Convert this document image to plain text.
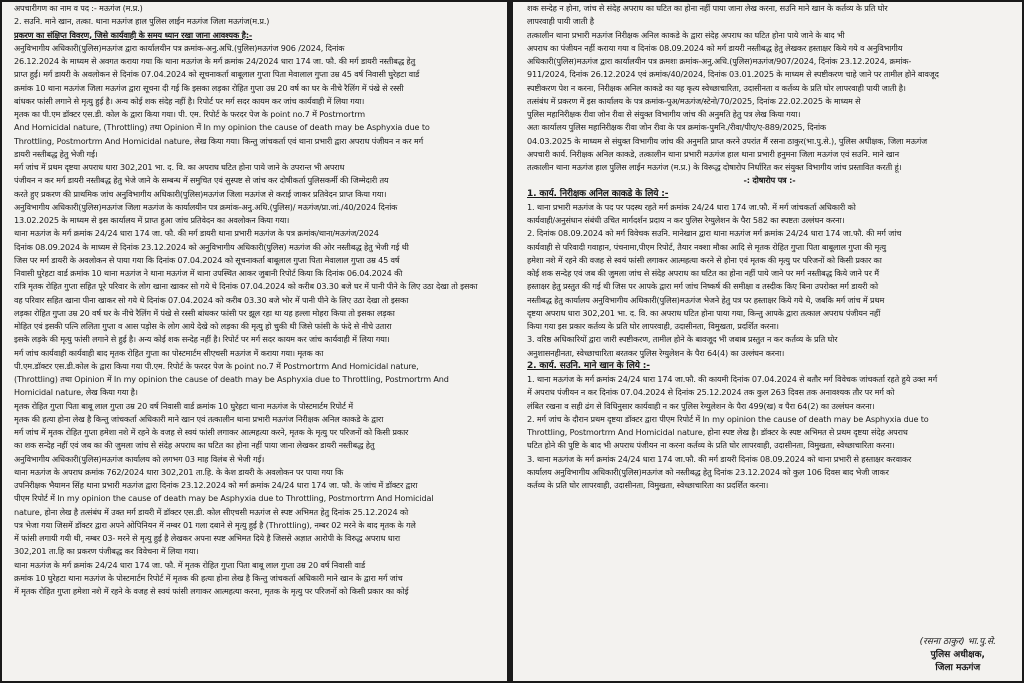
अपचारीगण का नाम व पद :- मऊगंज (म.प्र.)
2. सउनि. माने खान, तत्का. थाना मऊगंज हाल पुलिस लाईन मऊगंज जिला मऊगंज(म.प्र.)
प्रकरण का संक्षिप्त विवरण, जिसे कार्यवाही के समय ध्यान रखा जाना आवश्यक है:-
अनुविभागीय अधिकारी(पुलिस)मऊगंज द्वारा कार्यालयीन पत्र क्रमांक-अनु.अधि.(पुलिस)मऊगंज 906 /2024, दिनांक
26.12.2024 के माध्यम से अवगत कराया गया कि थाना मऊगंज के मर्ग क्रमांक 24/2024 धारा 174 जा. फौ. की मर्ग डायरी नस्तीबद्ध हेतु
प्राप्त हुई। मर्ग डायरी के अवलोकन से दिनांक 07.04.2024 को सूचनाकर्ता बाबूलाल गुप्ता पिता मेवालाल गुप्ता उम्र 45 वर्ष निवासी घुरेहटा वार्ड
क्रमांक 10 थाना मऊगंज जिला मऊगंज द्वारा सूचना दी गई कि इसका लड़का रोहित गुप्ता उम्र 20 वर्ष का घर के नीचे रैलिंग में पंखे से रस्सी
बांधकर फांसी लगाने से मृत्यु हुई है। अन्य कोई शक संदेह नहीं है। रिपोर्ट पर मर्ग सदर कायम कर जांच कार्यवाही में लिया गया।
मृतक का पी.एम डॉक्टर एस.डी. कोल के द्वारा किया गया। पी. एम. रिपोर्ट के फरदर पेज के point no.7 में Postmortrm
And Homicidal nature, (Throttling) तथा Opinion में In my opinion the cause of death may be Asphyxia due to
Throttling, Postmortrm And Homicidal nature, लेख किया गया। किन्तु जांचकर्ता एवं थाना प्रभारी द्वारा अपराध पंजीयन न कर मर्ग
डायरी नस्तीबद्ध हेतु भेजी गई।
मर्ग जांच में प्रथम दृष्टया अपराध धारा 302,201 भा. द. वि. का अपराध घटित होना पाये जाने के उपरान्त भी अपराध
पंजीयन न कर मर्ग डायरी नस्तीबद्ध हेतु भेजे जाने के सम्बन्ध में समुचित एवं सुस्पष्ट से जांच कर दोषीकर्ता पुलिसकर्मी की जिम्मेदारी तय
करते हुए प्रकरण की प्राथमिक जांच अनुविभागीय अधिकारी(पुलिस)मऊगंज जिला मऊगंज से कराई जाकर प्रतिवेदन प्राप्त किया गया।
अनुविभागीय अधिकारी(पुलिस)मऊगंज जिला मऊगंज के कार्यालयीन पत्र क्रमांक-अनु.अधि.(पुलिस)/ मऊगंज/प्रा.जां./40/2024 दिनांक
13.02.2025 के माध्यम से इस कार्यालय में प्राप्त हुआ जांच प्रतिवेदन का अवलोकन किया गया।
थाना मऊगंज के मर्ग क्रमांक 24/24 धारा 174 जा. फौ. की मर्ग डायरी थाना प्रभारी मऊगंज के पत्र क्रमांक/थाना/मऊगंज/2024
दिनांक 08.09.2024 के माध्यम से दिनांक 23.12.2024 को अनुविभागीय अधिकारी(पुलिस) मऊगंज की ओर नस्तीबद्ध हेतु भेजी गई थी
जिस पर मर्ग डायरी के अवलोकन से पाया गया कि दिनांक 07.04.2024 को सूचनाकर्ता बाबूलाल गुप्ता पिता मेवालाल गुप्ता उम्र 45 वर्ष
निवासी घुरेहटा वार्ड क्रमांक 10 थाना मऊगंज ने थाना मऊगंज में थाना उपस्थित आकर जुबानी रिपोर्ट किया कि दिनांक 06.04.2024 की
रात्रि मृतक रोहित गुप्ता सहित पूरे परिवार के लोग खाना खाकर सो गये थे दिनांक 07.04.2024 को करीब 03.30 बजे घर में पानी पीने के लिए उठा देखा तो इसका
वह परिवार सहित खाना पीना खाकर सो गये थे दिनांक 07.04.2024 को करीब 03.30 बजे भोर में पानी पीने के लिए उठा देखा तो इसका
लड़का रोहित गुप्ता उम्र 20 वर्ष घर के नीचे रैलिंग में पंखे से रस्सी बांधकर फांसी पर झूल रहा था यह हल्ला मोहरा किया तो इसका लड़का
मोहित एवं इसकी पत्नि ललिता गुप्ता व आस पड़ोस के लोग आये देखे को लड़का की मृत्यु हो चुकी थी जिसे फांसी के फंदे से नीचे उतारा
इसके लड़के की मृत्यु फांसी लगाने से हुई है। अन्य कोई शक सन्देह नहीं है। रिपोर्ट पर मर्ग सदर कायम कर जांच कार्यवाही में लिया गया।
मर्ग जांच कार्यवाही कार्यवाही बाद मृतक रोहित गुप्ता का पोस्टमार्टम सीएचसी मऊगंज में कराया गया। मृतक का
पी.एम.डॉक्टर एस.डी.कोल के द्वारा किया गया पी.एम. रिपोर्ट के फरदर पेज के point no.7 में Postmortrm And Homicidal nature,
(Throttling) तथा Opinion में In my opinion the cause of death may be Asphyxia due to Throttling, Postmortrm And
Homicidal nature, लेख किया गया है।
मृतक रोहित गुप्ता पिता बाबू लाल गुप्ता उम्र 20 वर्ष निवासी वार्ड क्रमांक 10 घुरेहटा थाना मऊगंज के पोस्टमार्टम रिपोर्ट में
मृतक की हत्या होना लेख है किन्तु जांचकर्ता अधिकारी माने खान एवं तत्कालीन थाना प्रभारी मऊगंज निरीक्षक अनिल काकडे के द्वारा
मर्ग जांच में मृतक रोहित गुप्ता हमेशा नशे में रहने के वजह से स्वयं फांसी लगाकर आत्महत्या करने, मृतक के मृत्यु पर परिजनों को किसी प्रकार
का शक सन्देह नहीं एवं जब का की जुमला जांच से संदेह अपराध का घटित का होना नहीं पाया जाना लेखकर डायरी नस्तीबद्ध हेतु
अनुविभागीय अधिकारी(पुलिस)मऊगंज कार्यालय को लगभग 03 माह विलंब से भेजी गई।
थाना मऊगंज के अपराध क्रमांक 762/2024 धारा 302,201 ता.हि. के केश डायरी के अवलोकन पर पाया गया कि
उपनिरीक्षक भैयामन सिंह थाना प्रभारी मऊगंज द्वारा दिनांक 23.12.2024 को मर्ग क्रमांक 24/24 धारा 174 जा. फौ. के जांच में डॉक्टर द्वारा
पीएम रिपोर्ट में In my opinion the cause of death may be Asphyxia due to Throttling, Postmortrm And Homicidal
nature, होना लेख है तत्संबंध में उक्त मर्ग डायरी में डॉक्टर एस.डी. कोल सीएचसी मऊगंज से स्पष्ट अभिमत हेतु दिनांक 25.12.2024 को
पत्र भेजा गया जिसमें डॉक्टर द्वारा अपने ओपिनियन में नम्बर 01 गला दबाने से मृत्यु हुई है (Throttling), नम्बर 02 मरने के बाद मृतक के गले
में फांसी लगायी गयी थी, नम्बर 03- मरने से मृत्यु हुई है लेखकर अपना स्पष्ट अभिमत दिये है जिससे अज्ञात आरोपी के विरुद्ध अपराध धारा
302,201 ता.हि का प्रकरण पंजीबद्ध कर विवेचना में लिया गया।
थाना मऊगंज के मर्ग क्रमांक 24/24 धारा 174 जा. फौ. में मृतक रोहित गुप्ता पिता बाबू लाल गुप्ता उम्र 20 वर्ष निवासी वार्ड
क्रमांक 10 घुरेहटा थाना मऊगंज के पोस्टमार्टम रिपोर्ट में मृतक की हत्या होना लेख है किन्तु जांचकर्ता अधिकारी माने खान के द्वारा मर्ग जांच
में मृतक रोहित गुप्ता हमेशा नशे में रहने के वजह से स्वयं फांसी लगाकर आत्महत्या करना, मृतक के मृत्यु पर परिजनों को किसी प्रकार का कोई
शक सन्देह न होना, जांच से संदेह अपराध का घटित का होना नहीं पाया जाना लेख करना, सउनि माने खान के कर्तव्य के प्रति घोर
लापरवाही पायी जाती है
तत्कालीन थाना प्रभारी मऊगंज निरीक्षक अनिल काकडे के द्वारा संदेह अपराध का घटित होना पाये जाने के बाद भी
अपराध का पंजीयन नहीं कराया गया व दिनांक 08.09.2024 को मर्ग डायरी नस्तीबद्ध हेतु लेखकर हस्ताक्षर किये गये व अनुविभागीय
अधिकारी(पुलिस)मऊगंज द्वारा कार्यालयीन पत्र क्रमशः क्रमांक-अनु.अधि.(पुलिस)मऊगंज/907/2024, दिनांक 23.12.2024, क्रमांक-
911/2024, दिनांक 26.12.2024 एवं क्रमांक/40/2024, दिनांक 03.01.2025 के माध्यम से स्पष्टीकरण चाहे जाने पर तामील होने बावजूद
स्पष्टीकरण पेश न करना, निरीक्षक अनिल काकडे का यह कृत्य स्वेच्छाचारिता, उदासीनता व कर्तव्य के प्रति घोर लापरवाही पायी जाती है।
तत्संबंध में प्रकरण में इस कार्यालय के पत्र क्रमांक-पुअ/मऊगंज/स्टेनो/70/2025, दिनांक 22.02.2025 के माध्यम से
पुलिस महानिरीक्षक रीवा जोन रीवा से संयुक्त विभागीय जांच की अनुमति हेतु पत्र लेख किया गया।
अतः कार्यालय पुलिस महानिरीक्षक रीवा जोन रीवा के पत्र क्रमांक-पुमनि./रीवा/पीए/ए-889/2025, दिनांक
04.03.2025 के माध्यम से संयुक्त विभागीय जांच की अनुमति प्राप्त करने उपरांत मैं रसना ठाकुर(भा.पु.से.), पुलिस अधीक्षक, जिला मऊगंज
अपचारी कार्य. निरीक्षक अनिल काकडे, तत्कालीन थाना प्रभारी मऊगंज हाल थाना प्रभारी हनुमना जिला मऊगंज एवं सउनि. माने खान
तत्कालीन थाना मऊगंज हाल पुलिस लाईन मऊगंज (म.प्र.) के विरूद्ध दोषारोप निर्धारित कर संयुक्त विभागीय जांच प्रस्तावित करती हूं।
-: दोषारोप पत्र :-
1. कार्य. निरीक्षक अनिल काकडे के लिये :-
1. थाना प्रभारी मऊगंज के पद पर पदस्थ रहते मर्ग क्रमांक 24/24 धारा 174 जा.फौ. में मर्ग जांचकर्ता अधिकारी को
कार्यवाही/अनुसंधान संबंधी उचित मार्गदर्शन प्रदाय न कर पुलिस रेग्युलेशन के पैरा 582 का स्पष्टतः उल्लंघन करना।
2. दिनांक 08.09.2024 को मर्ग विवेचक सउनि. मानेखान द्वारा थाना मऊगंज मर्ग क्रमांक 24/24 धारा 174 जा.फौ. की मर्ग जांच
कार्यवाही से परिवादी गवाहान, पंचनामा,पीएम रिपोर्ट, तैयार नक्शा मौका आदि से मृतक रोहित गुप्ता पिता बाबूलाल गुप्ता की मृत्यु
हमेशा नशे में रहने की वजह से स्वयं फांसी लगाकर आत्महत्या करने से होना एवं मृतक की मृत्यु पर परिजनों को किसी प्रकार का
कोई शक सन्देह एवं जब की जुमला जांच से संदेह अपराध का घटित का होना नहीं पाये जाने पर मर्ग नस्तीबद्ध किये जाने पर मैं
हस्ताक्षर हेतु प्रस्तुत की गई थी जिस पर आपके द्वारा मर्ग जांच निष्कर्ष की समीक्षा व तस्दीक किए बिना उपरोक्त मर्ग डायरी को
नस्तीबद्ध हेतु कार्यालय अनुविभागीय अधिकारी(पुलिस)मऊगंज भेजने हेतु पत्र पर हस्ताक्षर किये गये थे, जबकि मर्ग जांच में प्रथम
दृष्टया अपराध धारा 302,201 भा. द. वि. का अपराध घटित होना पाया गया, किन्तु आपके द्वारा तत्काल अपराध पंजीयन नहीं
किया गया इस प्रकार कर्तव्य के प्रति घोर लापरवाही, उदासीनता, विमुखता, प्रदर्शित करना।
3. वरिष्ठ अधिकारियों द्वारा जारी स्पष्टीकरण, तामील होने के बावजूद भी जबाब प्रस्तुत न कर कर्तव्य के प्रति घोर
अनुशासनहीनता, स्वेच्छाचारिता बरतकर पुलिस रेग्युलेशन के पैरा 64(4) का उल्लंघन करना।
2. कार्य. सउनि. माने खान के लिये :-
1. थाना मऊगंज के मर्ग क्रमांक 24/24 धारा 174 जा.फौ. की कायमी दिनांक 07.04.2024 से बतौर मर्ग विवेचक जांचकर्ता रहते हुये उक्त मर्ग
में अपराध पंजीयन न कर दिनांक 07.04.2024 से दिनांक 25.12.2024 तक कुल 263 दिवस तक अनावश्यक तौर पर मर्ग को
लंबित रखना व सही ढंग से विधिनुसार कार्यवाही न कर पुलिस रेग्युलेशन के पैरा 499(ख) व पैरा 64(2) का उल्लंघन करना।
2. मर्ग जांच के दौरान प्रथम दृष्टया डॉक्टर द्वारा पीएम रिपोर्ट में In my opinion the cause of death may be Asphyxia due to
Throttling, Postmortrm And Homicidal nature, होना स्पष्ट लेख है। डॉक्टर के स्पष्ट अभिमत से प्रथम दृष्टया संदेह अपराध
घटित होने की पुष्टि के बाद भी अपराध पंजीयन ना करना कर्तव्य के प्रति घोर लापरवाही, उदासीनता, विमुखता, स्वेच्छाचारिता करना।
3. थाना मऊगंज के मर्ग क्रमांक 24/24 धारा 174 जा.फौ. की मर्ग डायरी दिनांक 08.09.2024 को थाना प्रभारी से हस्ताक्षर करवाकर
कार्यालय अनुविभागीय अधिकारी(पुलिस)मऊगंज को नस्तीबद्ध हेतु दिनांक 23.12.2024 को कुल 106 दिवस बाद भेजी जाकर
कर्तव्य के प्रति घोर लापरवाही, उदासीनता, विमुखता, स्वेच्छाचारिता का प्रदर्शित करना।
(रसना ठाकुर) भा.पु.से.
पुलिस अधीक्षक,
जिला मऊगंज
